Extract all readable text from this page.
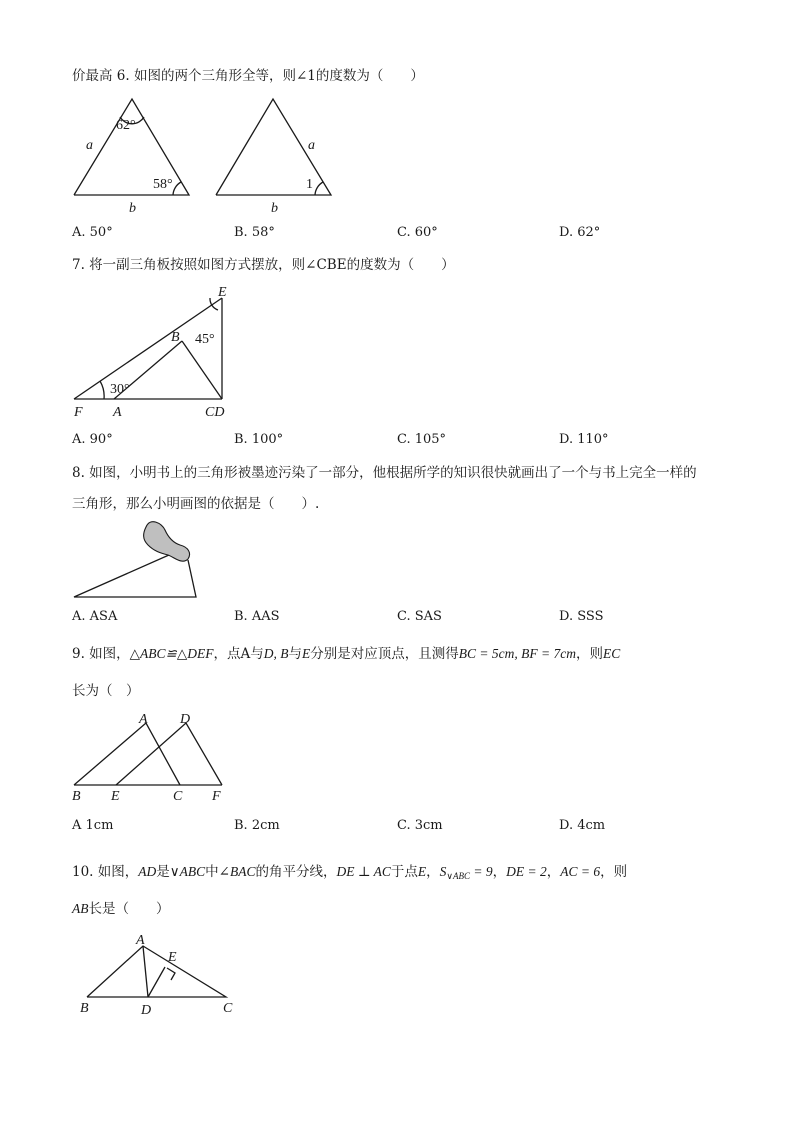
价最高 6. 如图的两个三角形全等，则∠1的度数为（　　）
62°
58°
a
b
a
1
b
A. 50°	B. 58°	C. 60°	D. 62°
7. 将一副三角板按照如图方式摆放，则∠CBE的度数为（　　）
E
B 45°
30°
F A	CD
A. 90°	B. 100°	C. 105°	D. 110°
8. 如图，小明书上的三角形被墨迹污染了一部分，他根据所学的知识很快就画出了一个与书上完全一样的
三角形，那么小明画图的依据是（　　）.
A. ASA	B. AAS	C. SAS	D. SSS
9. 如图，△ABC≌△DEF，点A与D, B与E分别是对应顶点，且测得BC = 5cm, BF = 7cm，则EC
长为（　）
A D
B E	C F
A 1cm	B. 2cm	C. 3cm	D. 4cm
10. 如图，AD是∨ABC中∠BAC的角平分线，DE ⊥ AC于点E，$S_{\vee ABC} = 9$，DE = 2，AC = 6，则
AB长是（　　）
A
E
B	D	C
